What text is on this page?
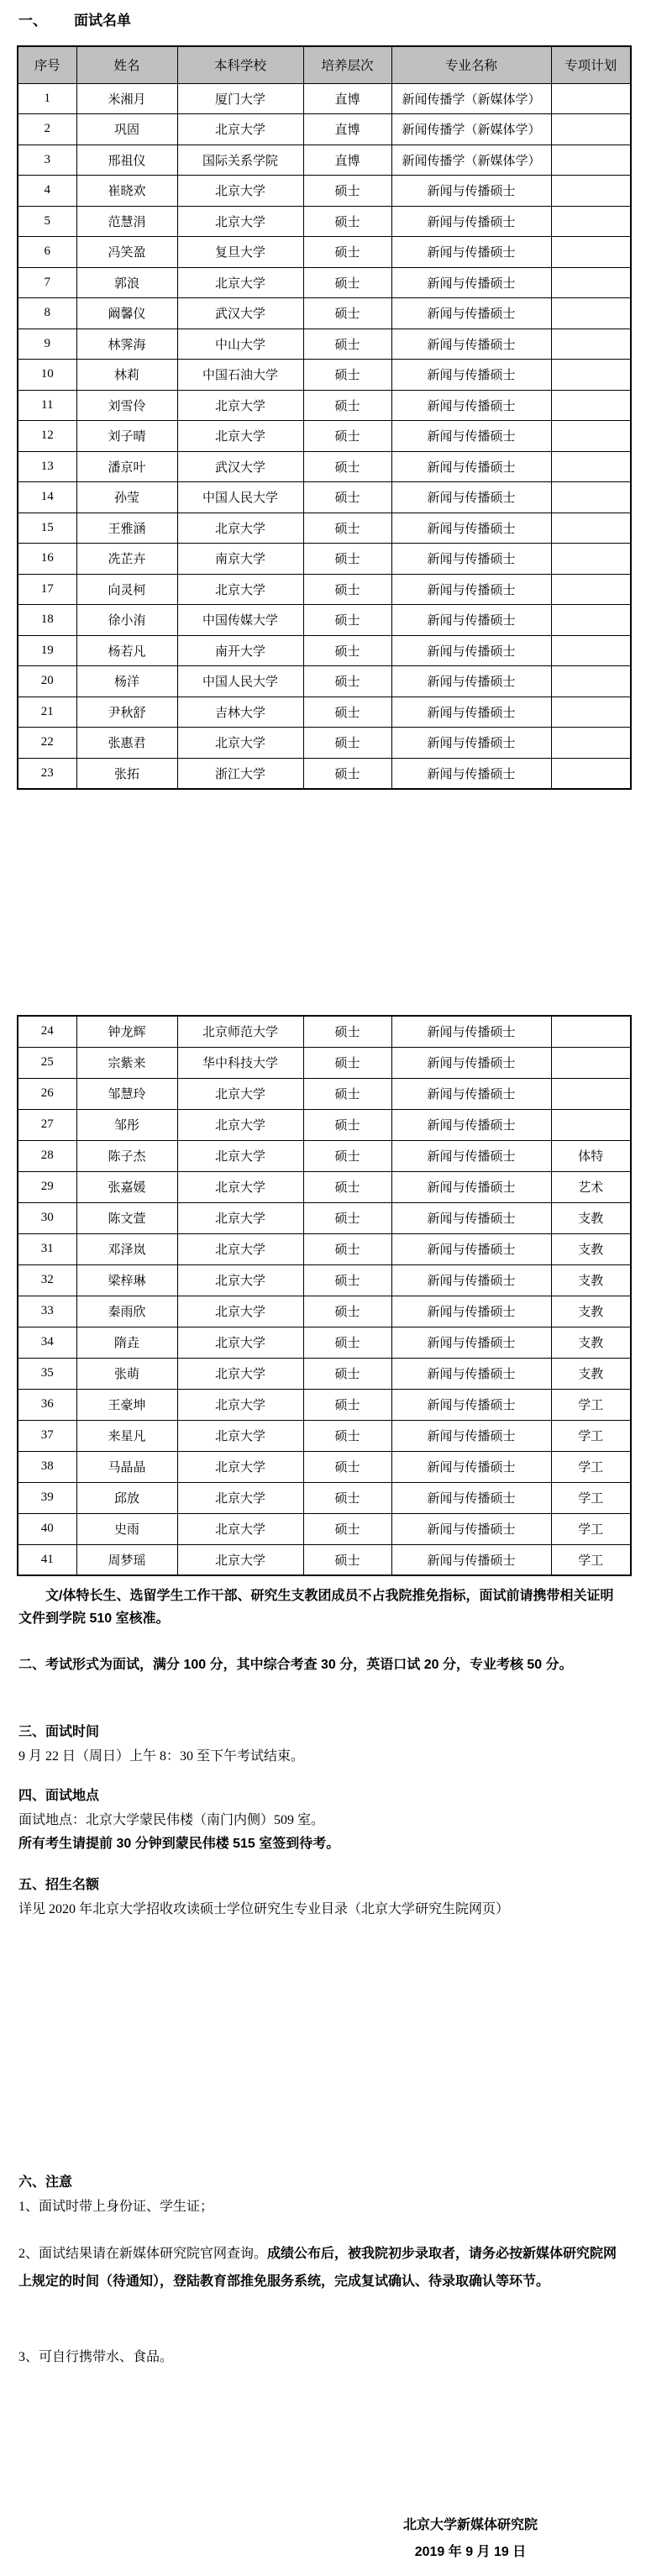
一、 面试名单
序号	姓名	本科学校	培养层次	专业名称	专项计划
1	米湘月	厦门大学	直博	新闻传播学（新媒体学）	
2	巩固	北京大学	直博	新闻传播学（新媒体学）	
3	邢祖仪	国际关系学院	直博	新闻传播学（新媒体学）	
4	崔晓欢	北京大学	硕士	新闻与传播硕士	
5	范慧涓	北京大学	硕士	新闻与传播硕士	
6	冯笑盈	复旦大学	硕士	新闻与传播硕士	
7	郭浪	北京大学	硕士	新闻与传播硕士	
8	阚馨仪	武汉大学	硕士	新闻与传播硕士	
9	林霁海	中山大学	硕士	新闻与传播硕士	
10	林莉	中国石油大学	硕士	新闻与传播硕士	
11	刘雪伶	北京大学	硕士	新闻与传播硕士	
12	刘子晴	北京大学	硕士	新闻与传播硕士	
13	潘京叶	武汉大学	硕士	新闻与传播硕士	
14	孙莹	中国人民大学	硕士	新闻与传播硕士	
15	王雅涵	北京大学	硕士	新闻与传播硕士	
16	冼芷卉	南京大学	硕士	新闻与传播硕士	
17	向灵柯	北京大学	硕士	新闻与传播硕士	
18	徐小洧	中国传媒大学	硕士	新闻与传播硕士	
19	杨若凡	南开大学	硕士	新闻与传播硕士	
20	杨洋	中国人民大学	硕士	新闻与传播硕士	
21	尹秋舒	吉林大学	硕士	新闻与传播硕士	
22	张惠君	北京大学	硕士	新闻与传播硕士	
23	张拓	浙江大学	硕士	新闻与传播硕士	
24	钟龙辉	北京师范大学	硕士	新闻与传播硕士	
25	宗紫来	华中科技大学	硕士	新闻与传播硕士	
26	邹慧玲	北京大学	硕士	新闻与传播硕士	
27	邹彤	北京大学	硕士	新闻与传播硕士	
28	陈子杰	北京大学	硕士	新闻与传播硕士	体特
29	张嘉媛	北京大学	硕士	新闻与传播硕士	艺术
30	陈文萱	北京大学	硕士	新闻与传播硕士	支教
31	邓泽岚	北京大学	硕士	新闻与传播硕士	支教
32	梁梓琳	北京大学	硕士	新闻与传播硕士	支教
33	秦雨欣	北京大学	硕士	新闻与传播硕士	支教
34	隋垚	北京大学	硕士	新闻与传播硕士	支教
35	张萌	北京大学	硕士	新闻与传播硕士	支教
36	王豪坤	北京大学	硕士	新闻与传播硕士	学工
37	来星凡	北京大学	硕士	新闻与传播硕士	学工
38	马晶晶	北京大学	硕士	新闻与传播硕士	学工
39	邱放	北京大学	硕士	新闻与传播硕士	学工
40	史雨	北京大学	硕士	新闻与传播硕士	学工
41	周梦瑶	北京大学	硕士	新闻与传播硕士	学工

文/体特长生、选留学生工作干部、研究生支教团成员不占我院推免指标，面试前请携带相关证明文件到学院 510 室核准。

二、考试形式为面试，满分 100 分，其中综合考查 30 分，英语口试 20 分，专业考核 50 分。

三、面试时间

9 月 22 日（周日）上午 8：30 至下午考试结束。

四、面试地点

面试地点：北京大学蒙民伟楼（南门内侧）509 室。

所有考生请提前 30 分钟到蒙民伟楼 515 室签到待考。

五、招生名额

详见 2020 年北京大学招收攻读硕士学位研究生专业目录（北京大学研究生院网页）

六、注意

1、面试时带上身份证、学生证；

2、面试结果请在新媒体研究院官网查询。成绩公布后，被我院初步录取者，请务必按新媒体研究院网上规定的时间（待通知），登陆教育部推免服务系统，完成复试确认、待录取确认等环节。

3、可自行携带水、食品。

北京大学新媒体研究院
2019 年 9 月 19 日
